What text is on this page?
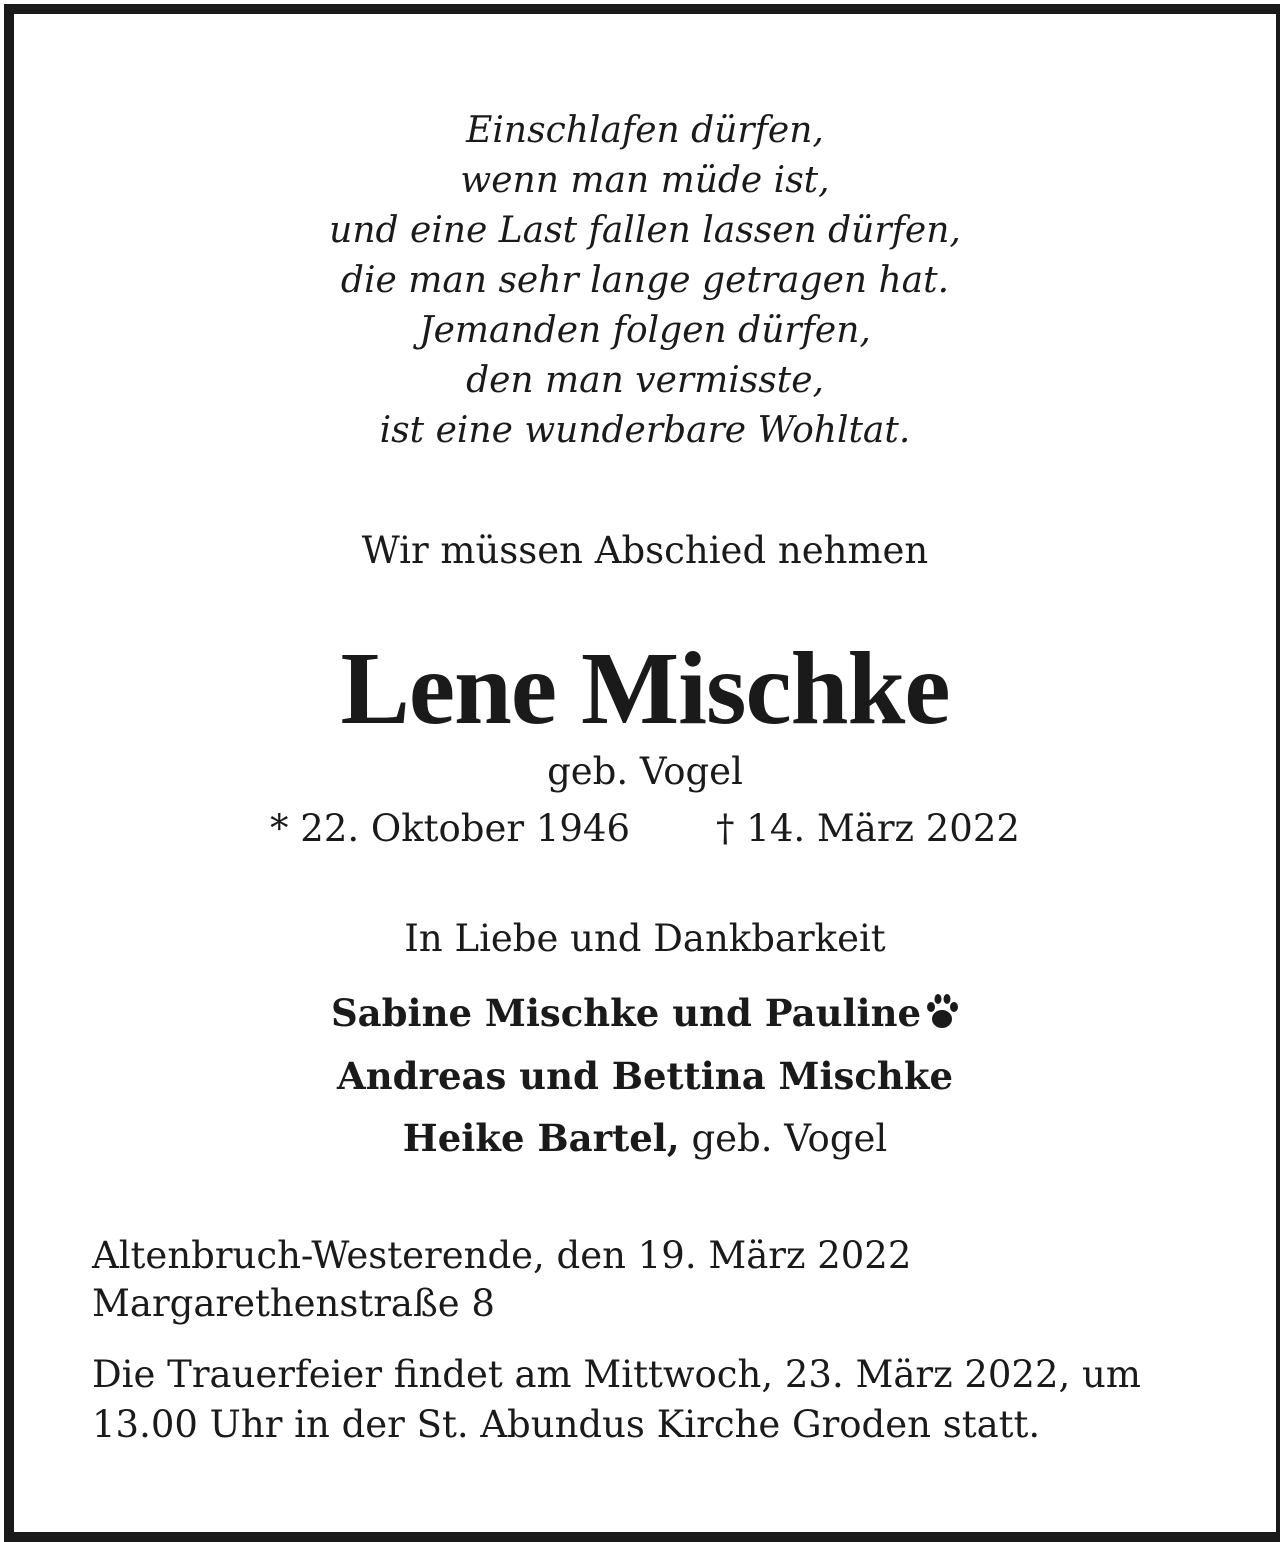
Einschlafen dürfen,
wenn man müde ist,
und eine Last fallen lassen dürfen,
die man sehr lange getragen hat.
Jemanden folgen dürfen,
den man vermisste,
ist eine wunderbare Wohltat.
Wir müssen Abschied nehmen
Lene Mischke
geb. Vogel
* 22. Oktober 1946 † 14. März 2022
In Liebe und Dankbarkeit
Sabine Mischke und Pauline
Andreas und Bettina Mischke
Heike Bartel, geb. Vogel
Altenbruch-Westerende, den 19. März 2022
Margarethenstraße 8
Die Trauerfeier findet am Mittwoch, 23. März 2022, um
13.00 Uhr in der St. Abundus Kirche Groden statt.
